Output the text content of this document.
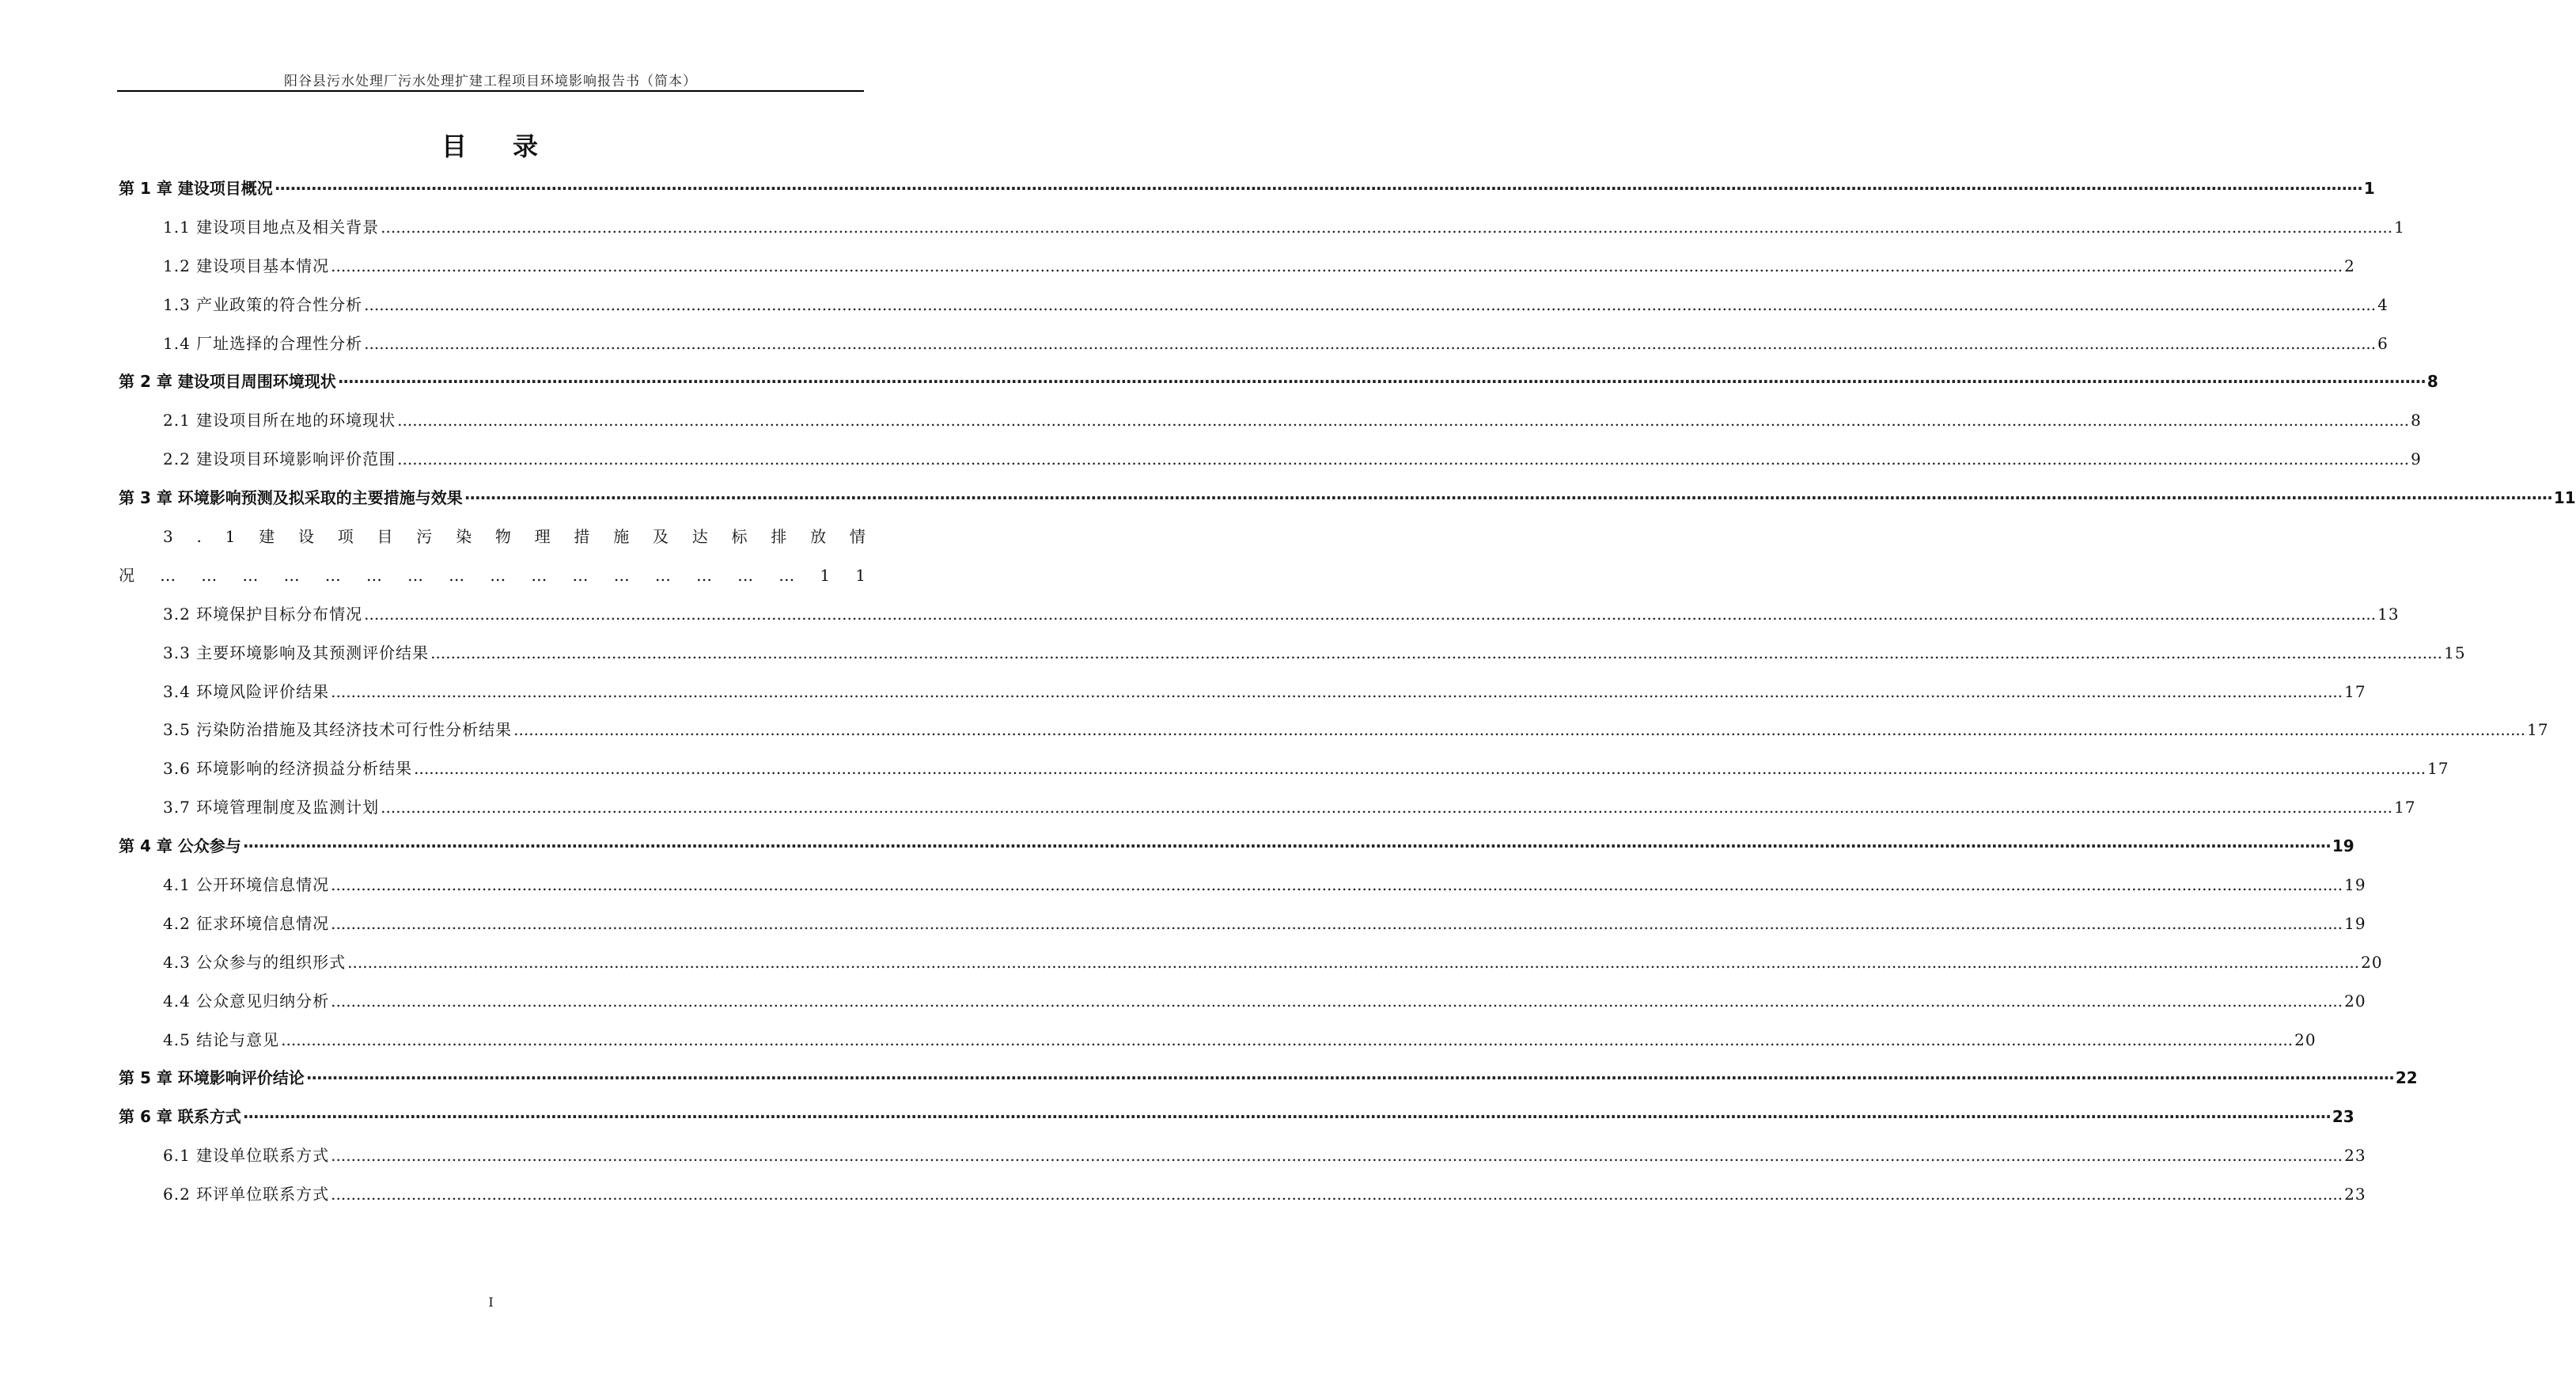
阳谷县污水处理厂污水处理扩建工程项目环境影响报告书（简本）
目 录
第 1 章 建设项目概况 ················································································································································································································································································································································································································ 1
1.1 建设项目地点及相关背景 ................................................................................................................................................................................................................................................................................................................................................................................................................ 1
1.2 建设项目基本情况 ................................................................................................................................................................................................................................................................................................................................................................................................................ 2
1.3 产业政策的符合性分析 ................................................................................................................................................................................................................................................................................................................................................................................................................ 4
1.4 厂址选择的合理性分析 ................................................................................................................................................................................................................................................................................................................................................................................................................ 6
第 2 章 建设项目周围环境现状 ················································································································································································································································································································································································································ 8
2.1 建设项目所在地的环境现状 ................................................................................................................................................................................................................................................................................................................................................................................................................ 8
2.2 建设项目环境影响评价范围 ................................................................................................................................................................................................................................................................................................................................................................................................................ 9
第 3 章 环境影响预测及拟采取的主要措施与效果 ················································································································································································································································································································································································································ 11
3 . 1 建 设 项 目 污 染 物 理 措 施 及 达 标 排 放 情
况 … … … … … … … … … … … … … … … … 1 1
3.2 环境保护目标分布情况 ................................................................................................................................................................................................................................................................................................................................................................................................................ 13
3.3 主要环境影响及其预测评价结果 ................................................................................................................................................................................................................................................................................................................................................................................................................ 15
3.4 环境风险评价结果 ................................................................................................................................................................................................................................................................................................................................................................................................................ 17
3.5 污染防治措施及其经济技术可行性分析结果 ................................................................................................................................................................................................................................................................................................................................................................................................................ 17
3.6 环境影响的经济损益分析结果 ................................................................................................................................................................................................................................................................................................................................................................................................................ 17
3.7 环境管理制度及监测计划 ................................................................................................................................................................................................................................................................................................................................................................................................................ 17
第 4 章 公众参与 ················································································································································································································································································································································································································ 19
4.1 公开环境信息情况 ................................................................................................................................................................................................................................................................................................................................................................................................................ 19
4.2 征求环境信息情况 ................................................................................................................................................................................................................................................................................................................................................................................................................ 19
4.3 公众参与的组织形式 ................................................................................................................................................................................................................................................................................................................................................................................................................ 20
4.4 公众意见归纳分析 ................................................................................................................................................................................................................................................................................................................................................................................................................ 20
4.5 结论与意见 ................................................................................................................................................................................................................................................................................................................................................................................................................ 20
第 5 章 环境影响评价结论 ················································································································································································································································································································································································································ 22
第 6 章 联系方式 ················································································································································································································································································································································································································ 23
6.1 建设单位联系方式 ................................................................................................................................................................................................................................................................................................................................................................................................................ 23
6.2 环评单位联系方式 ................................................................................................................................................................................................................................................................................................................................................................................................................ 23
I
